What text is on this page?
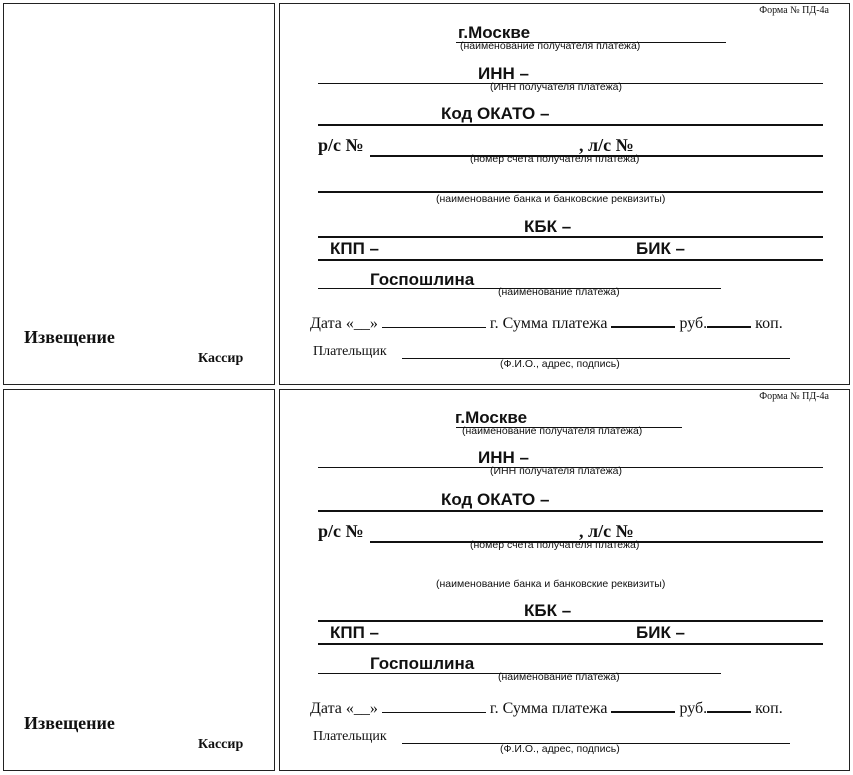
Извещение
Кассир
Форма № ПД-4а
г.Москве
(наименование получателя платежа)
ИНН –
(ИНН получателя платежа)
Код ОКАТО –
р/с №	, л/с №
(номер счета получателя платежа)
(наименование банка и банковские реквизиты)
КБК –
КПП –	БИК –
Госпошлина
(наименование платежа)
Дата «__»	г. Сумма платежа	руб.	коп.
Плательщик
(Ф.И.О., адрес, подпись)
Извещение
Кассир
Форма № ПД-4а
г.Москве
(наименование получателя платежа)
ИНН –
(ИНН получателя платежа)
Код ОКАТО –
р/с №	, л/с №
(номер счета получателя платежа)
(наименование банка и банковские реквизиты)
КБК –
КПП –	БИК –
Госпошлина
(наименование платежа)
Дата «__»	г. Сумма платежа	руб.	коп.
Плательщик
(Ф.И.О., адрес, подпись)
